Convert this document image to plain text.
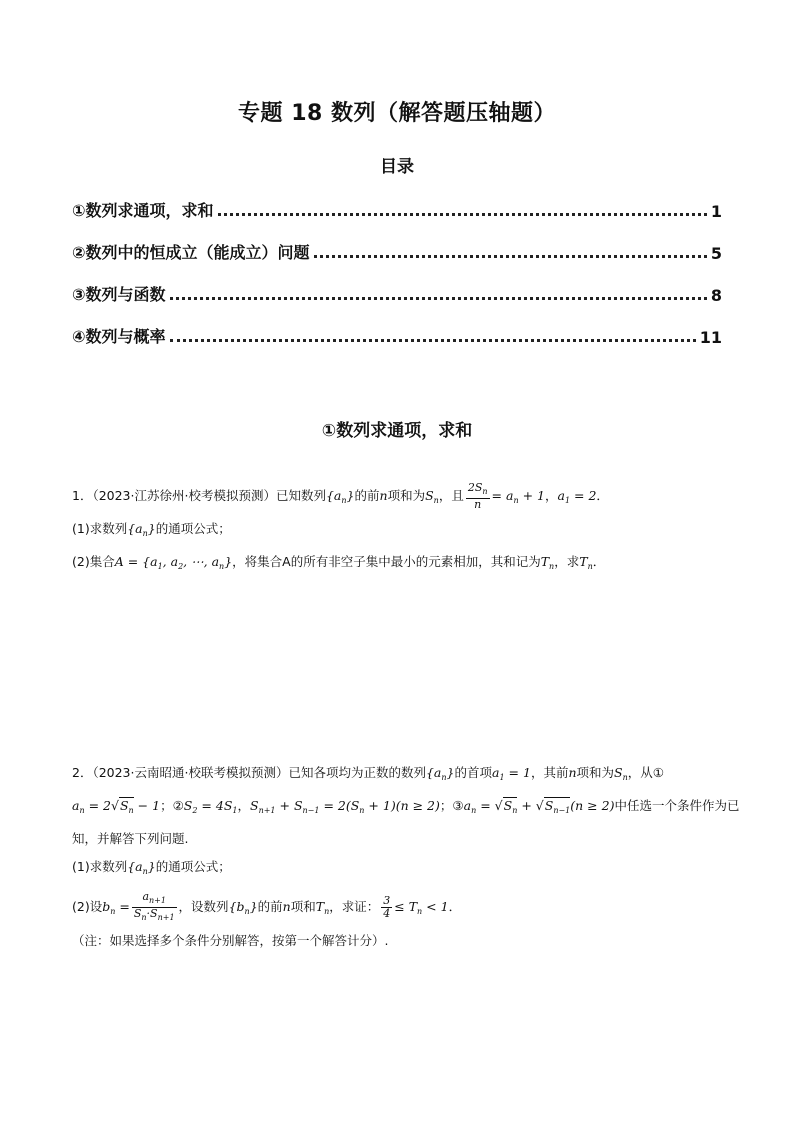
专题 18 数列（解答题压轴题）
目录
①数列求通项，求和	1
②数列中的恒成立（能成立）问题	5
③数列与函数	8
④数列与概率	11
①数列求通项，求和
1．（2023·江苏徐州·校考模拟预测）已知数列$\{a_n\}$的前n项和为$S_n$，且 $\frac{2S_n}{n} = a_n + 1$，$a_1 = 2$．
(1)求数列$\{a_n\}$的通项公式；
(2)集合$A = \{a_1$, $a_2$, ⋯, $a_n$}，将集合A的所有非空子集中最小的元素相加，其和记为$T_n$，求$T_n$．
2．（2023·云南昭通·校联考模拟预测）已知各项均为正数的数列$\{a_n\}$的首项$a_1 = 1$，其前n项和为$S_n$，从①
$a_n = 2√S_n - 1$；$②S_2 = 4S_1$，$S_{n+1} + S_{n-1} = 2(S_n + 1)(n \ge 2)$；$③a_n = √S_n + √S_{n-1}(n \ge 2)$中任选一个条件作为已
知，并解答下列问题.
(1)求数列$\{a_n\}$的通项公式；
(2)设$b_n = \frac{a_{n+1}}{S_n\cdot S_{n+1}}$ ，设数列$\{b_n\}$的前n项和$T_n$，求证： $\frac{3}{4} \le T_n < 1$．
（注：如果选择多个条件分别解答，按第一个解答计分）.
